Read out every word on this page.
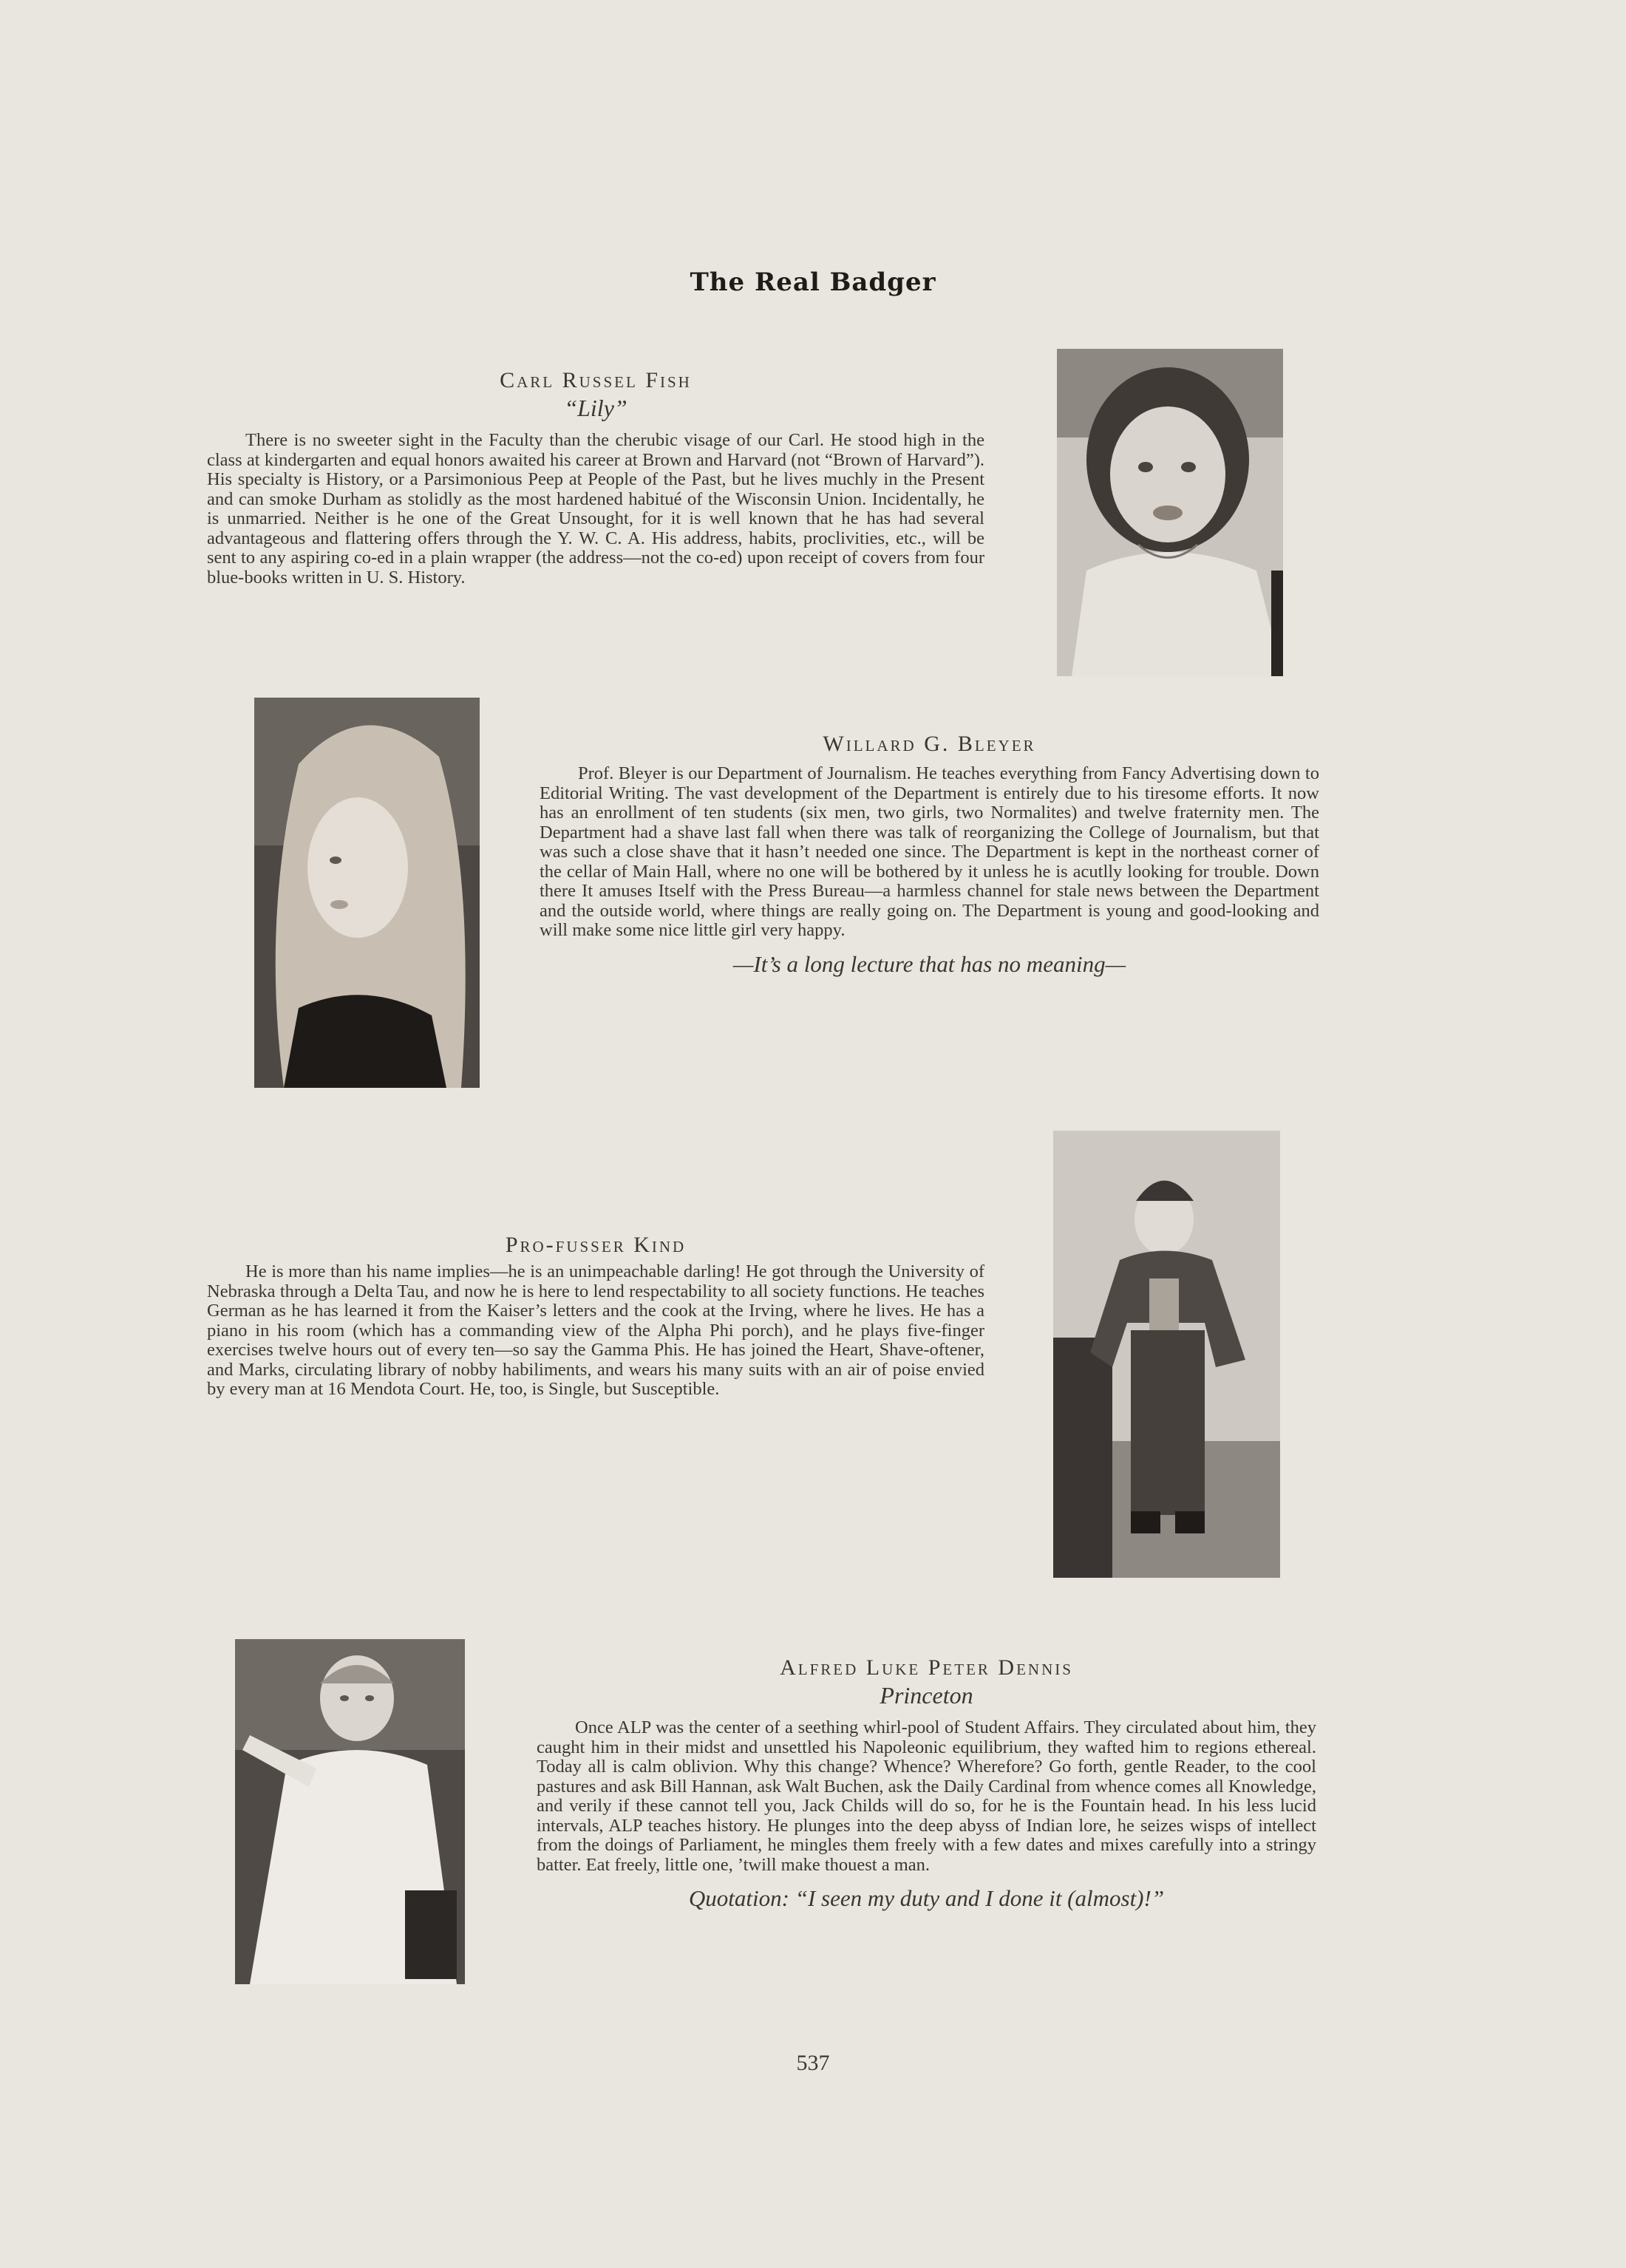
The Real Badger
Carl Russel Fish
“Lily”
There is no sweeter sight in the Faculty than the cherubic visage of our Carl. He stood high in the class at kindergarten and equal honors awaited his career at Brown and Harvard (not “Brown of Harvard”). His specialty is History, or a Parsimonious Peep at People of the Past, but he lives muchly in the Present and can smoke Durham as stolidly as the most hardened habitué of the Wisconsin Union. Incidentally, he is unmarried. Neither is he one of the Great Unsought, for it is well known that he has had several advantageous and flattering offers through the Y. W. C. A. His address, habits, proclivities, etc., will be sent to any aspiring co-ed in a plain wrapper (the address—not the co-ed) upon receipt of covers from four blue-books written in U. S. History.
Willard G. Bleyer
Prof. Bleyer is our Department of Journalism. He teaches everything from Fancy Advertising down to Editorial Writing. The vast development of the Department is entirely due to his tiresome efforts. It now has an enrollment of ten students (six men, two girls, two Normalites) and twelve fraternity men. The Department had a shave last fall when there was talk of reorganizing the College of Journalism, but that was such a close shave that it hasn’t needed one since. The Department is kept in the northeast corner of the cellar of Main Hall, where no one will be bothered by it unless he is acutlly looking for trouble. Down there It amuses Itself with the Press Bureau—a harmless channel for stale news between the Department and the outside world, where things are really going on. The Department is young and good-looking and will make some nice little girl very happy.
—It’s a long lecture that has no meaning—
Pro-fusser Kind
He is more than his name implies—he is an unimpeachable darling! He got through the University of Nebraska through a Delta Tau, and now he is here to lend respectability to all society functions. He teaches German as he has learned it from the Kaiser’s letters and the cook at the Irving, where he lives. He has a piano in his room (which has a commanding view of the Alpha Phi porch), and he plays five-finger exercises twelve hours out of every ten—so say the Gamma Phis. He has joined the Heart, Shave-oftener, and Marks, circulating library of nobby habiliments, and wears his many suits with an air of poise envied by every man at 16 Mendota Court. He, too, is Single, but Susceptible.
Alfred Luke Peter Dennis
Princeton
Once ALP was the center of a seething whirl-pool of Student Affairs. They circulated about him, they caught him in their midst and unsettled his Napoleonic equilibrium, they wafted him to regions ethereal. Today all is calm oblivion. Why this change? Whence? Wherefore? Go forth, gentle Reader, to the cool pastures and ask Bill Hannan, ask Walt Buchen, ask the Daily Cardinal from whence comes all Knowledge, and verily if these cannot tell you, Jack Childs will do so, for he is the Fountain head. In his less lucid intervals, ALP teaches history. He plunges into the deep abyss of Indian lore, he seizes wisps of intellect from the doings of Parliament, he mingles them freely with a few dates and mixes carefully into a stringy batter. Eat freely, little one, ’twill make thouest a man.
Quotation: “I seen my duty and I done it (almost)!”
537
